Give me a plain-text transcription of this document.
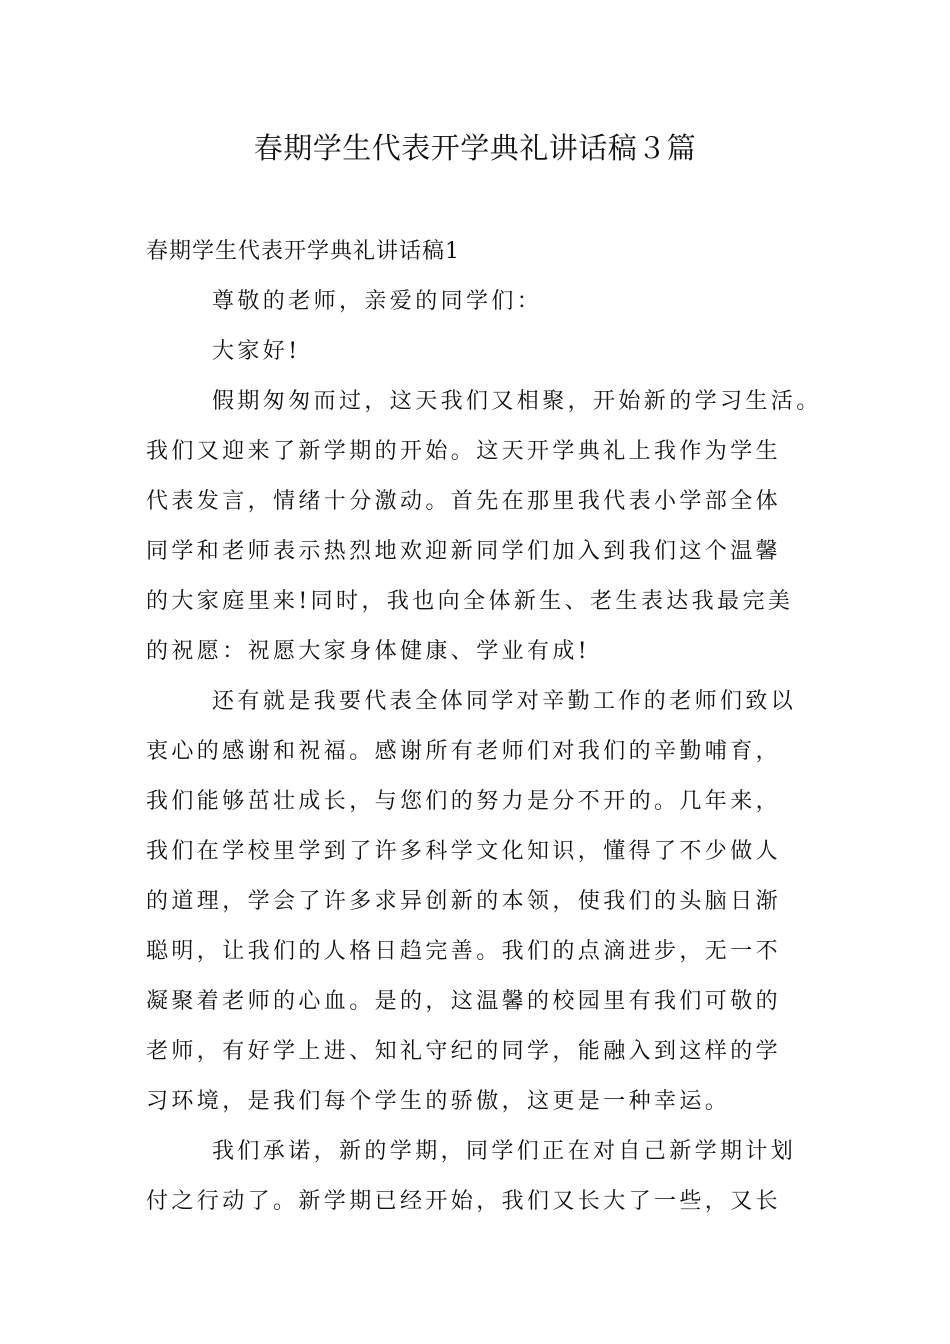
春期学生代表开学典礼讲话稿３篇
春期学生代表开学典礼讲话稿1

尊敬的老师，亲爱的同学们：

大家好!

假期匆匆而过，这天我们又相聚，开始新的学习生活。

我们又迎来了新学期的开始。这天开学典礼上我作为学生

代表发言，情绪十分激动。首先在那里我代表小学部全体

同学和老师表示热烈地欢迎新同学们加入到我们这个温馨

的大家庭里来!同时，我也向全体新生、老生表达我最完美

的祝愿：祝愿大家身体健康、学业有成!

还有就是我要代表全体同学对辛勤工作的老师们致以

衷心的感谢和祝福。感谢所有老师们对我们的辛勤哺育，

我们能够茁壮成长，与您们的努力是分不开的。几年来，

我们在学校里学到了许多科学文化知识，懂得了不少做人

的道理，学会了许多求异创新的本领，使我们的头脑日渐

聪明，让我们的人格日趋完善。我们的点滴进步，无一不

凝聚着老师的心血。是的，这温馨的校园里有我们可敬的

老师，有好学上进、知礼守纪的同学，能融入到这样的学

习环境，是我们每个学生的骄傲，这更是一种幸运。

我们承诺，新的学期，同学们正在对自己新学期计划

付之行动了。新学期已经开始，我们又长大了一些，又长
